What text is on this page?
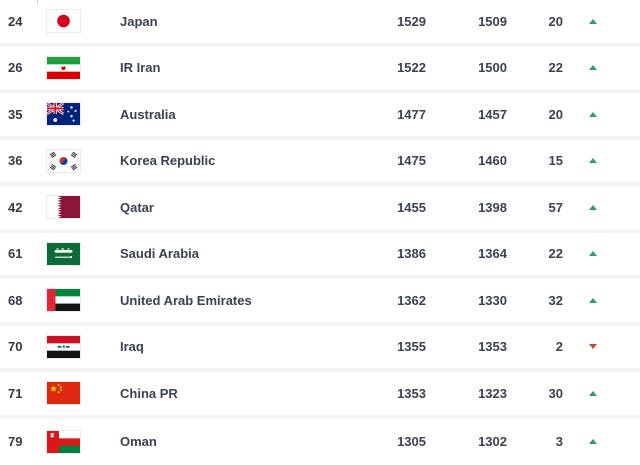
24	Japan	1529	1509	20
26	IR Iran	1522	1500	22
35	Australia	1477	1457	20
36	Korea Republic	1475	1460	15
42	Qatar	1455	1398	57
61	Saudi Arabia	1386	1364	22
68	United Arab Emirates	1362	1330	32
70	Iraq	1355	1353	2
71	China PR	1353	1323	30
79	Oman	1305	1302	3
